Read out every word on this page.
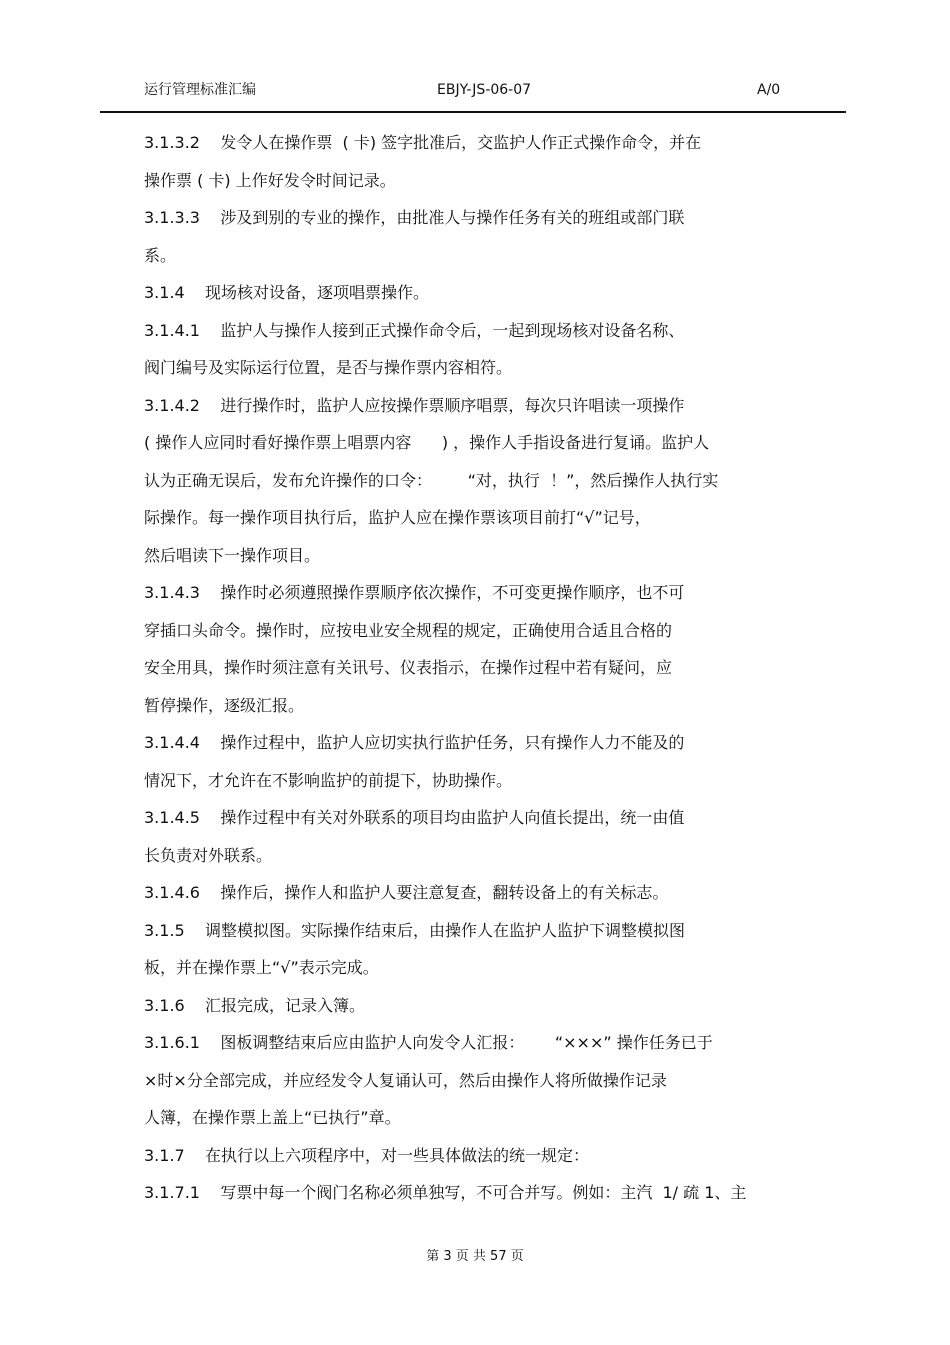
运行管理标准汇编	EBJY-JS-06-07	A/0
3.1.3.2    发令人在操作票  ( 卡) 签字批准后，交监护人作正式操作命令，并在
操作票 ( 卡) 上作好发令时间记录。
3.1.3.3    涉及到别的专业的操作，由批准人与操作任务有关的班组或部门联
系。
3.1.4    现场核对设备，逐项唱票操作。
3.1.4.1    监护人与操作人接到正式操作命令后，一起到现场核对设备名称、
阀门编号及实际运行位置，是否与操作票内容相符。
3.1.4.2    进行操作时，监护人应按操作票顺序唱票，每次只许唱读一项操作
( 操作人应同时看好操作票上唱票内容      ) ，操作人手指设备进行复诵。监护人
认为正确无误后，发布允许操作的口令：       “对，执行  ！”，然后操作人执行实
际操作。每一操作项目执行后，监护人应在操作票该项目前打“√”记号，
然后唱读下一操作项目。
3.1.4.3    操作时必须遵照操作票顺序依次操作，不可变更操作顺序，也不可
穿插口头命令。操作时，应按电业安全规程的规定，正确使用合适且合格的
安全用具，操作时须注意有关讯号、仪表指示，在操作过程中若有疑问，应
暂停操作，逐级汇报。
3.1.4.4    操作过程中，监护人应切实执行监护任务，只有操作人力不能及的
情况下，才允许在不影响监护的前提下，协助操作。
3.1.4.5    操作过程中有关对外联系的项目均由监护人向值长提出，统一由值
长负责对外联系。
3.1.4.6    操作后，操作人和监护人要注意复查，翻转设备上的有关标志。
3.1.5    调整模拟图。实际操作结束后，由操作人在监护人监护下调整模拟图
板，并在操作票上“√”表示完成。
3.1.6    汇报完成，记录入簿。
3.1.6.1    图板调整结束后应由监护人向发令人汇报：      “×××” 操作任务已于
×时×分全部完成，并应经发令人复诵认可，然后由操作人将所做操作记录
人簿，在操作票上盖上“已执行”章。
3.1.7    在执行以上六项程序中，对一些具体做法的统一规定：
3.1.7.1    写票中每一个阀门名称必须单独写，不可合并写。例如：主汽  1/ 疏 1、主
第 3 页 共 57 页
